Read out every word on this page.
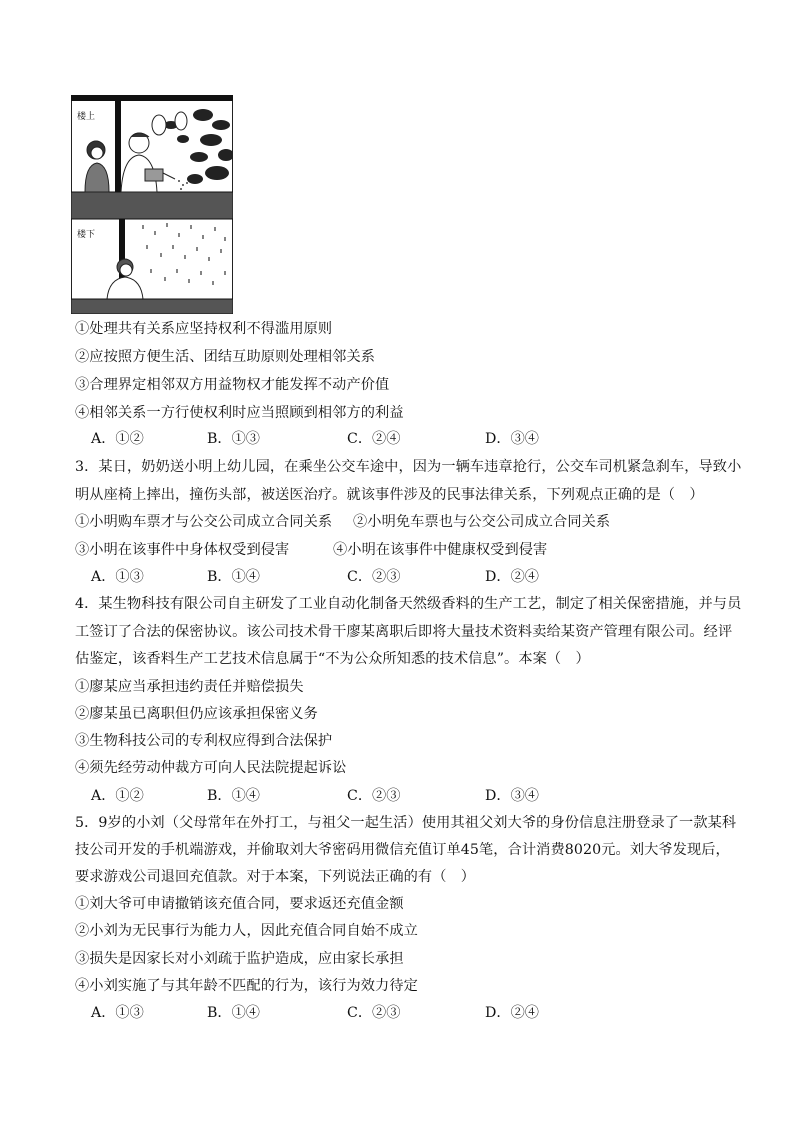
楼上
楼下
①处理共有关系应坚持权利不得滥用原则
②应按照方便生活、团结互助原则处理相邻关系
③合理界定相邻双方用益物权才能发挥不动产价值
④相邻关系一方行使权利时应当照顾到相邻方的利益
A．①②	B．①③	C．②④	D．③④
3．某日，奶奶送小明上幼儿园，在乘坐公交车途中，因为一辆车违章抢行，公交车司机紧急刹车，导致小
明从座椅上摔出，撞伤头部，被送医治疗。就该事件涉及的民事法律关系，下列观点正确的是（　）
①小明购车票才与公交公司成立合同关系 ②小明免车票也与公交公司成立合同关系
③小明在该事件中身体权受到侵害	④小明在该事件中健康权受到侵害
A．①③	B．①④	C．②③	D．②④
4．某生物科技有限公司自主研发了工业自动化制备天然级香料的生产工艺，制定了相关保密措施，并与员
工签订了合法的保密协议。该公司技术骨干廖某离职后即将大量技术资料卖给某资产管理有限公司。经评
估鉴定，该香料生产工艺技术信息属于“不为公众所知悉的技术信息”。本案（　）
①廖某应当承担违约责任并赔偿损失
②廖某虽已离职但仍应该承担保密义务
③生物科技公司的专利权应得到合法保护
④须先经劳动仲裁方可向人民法院提起诉讼
A．①②	B．①④	C．②③	D．③④
5．9岁的小刘（父母常年在外打工，与祖父一起生活）使用其祖父刘大爷的身份信息注册登录了一款某科
技公司开发的手机端游戏，并偷取刘大爷密码用微信充值订单45笔，合计消费8020元。刘大爷发现后，
要求游戏公司退回充值款。对于本案，下列说法正确的有（　）
①刘大爷可申请撤销该充值合同，要求返还充值金额
②小刘为无民事行为能力人，因此充值合同自始不成立
③损失是因家长对小刘疏于监护造成，应由家长承担
④小刘实施了与其年龄不匹配的行为，该行为效力待定
A．①③	B．①④	C．②③	D．②④
